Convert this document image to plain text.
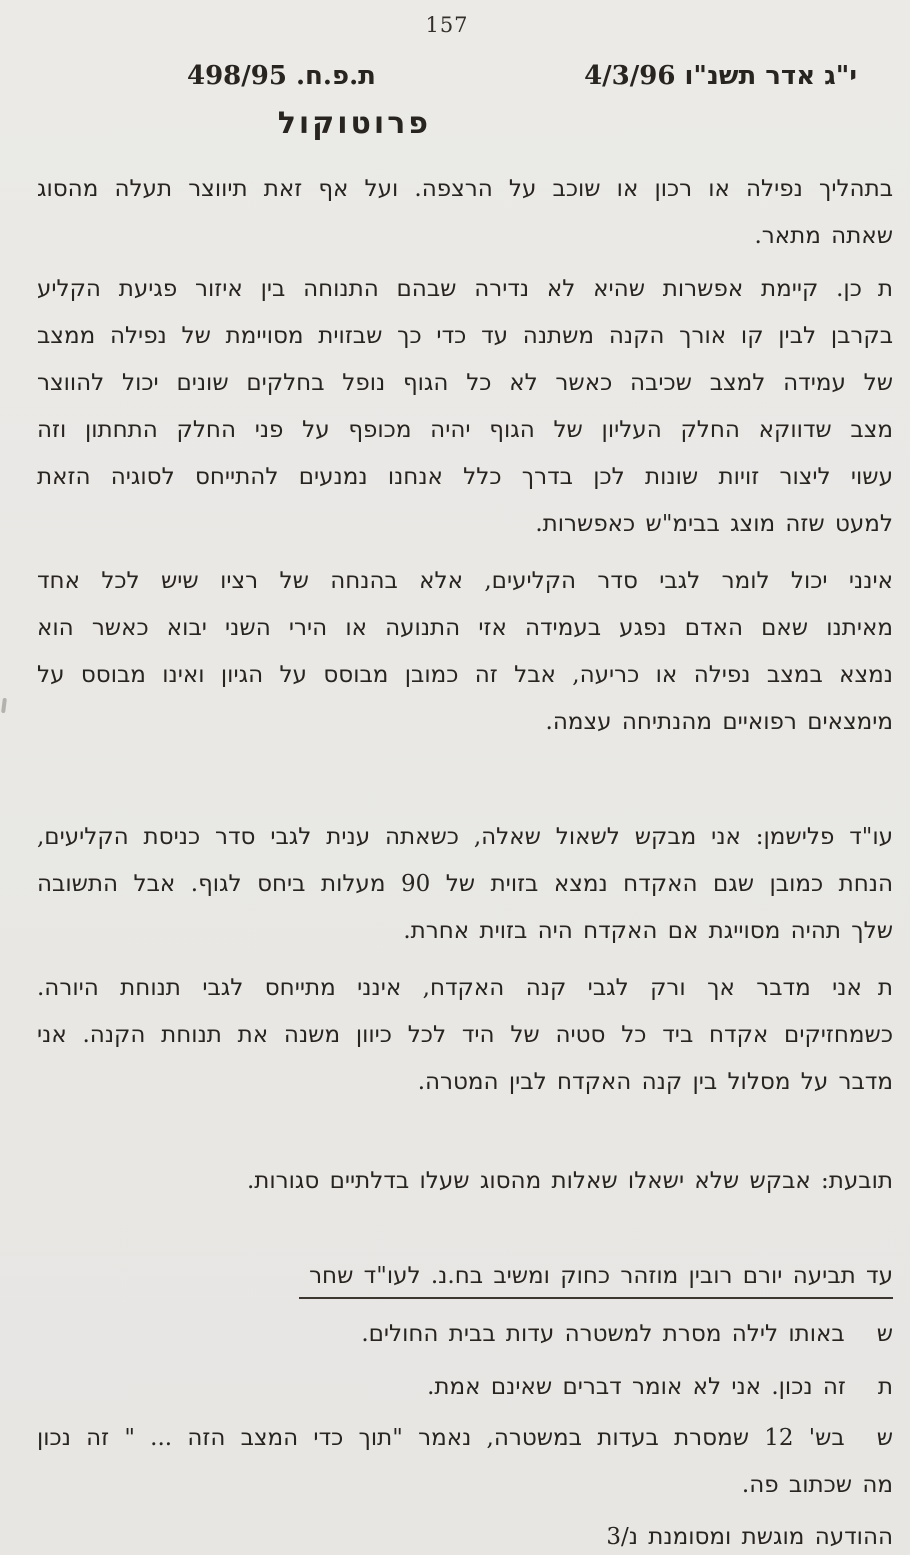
157
י"ג אדר תשנ"ו 4/3/96
ת.פ.ח. 498/95
פרוטוקול
בתהליך נפילה או רכון או שוכב על הרצפה. ועל אף זאת תיווצר תעלה מהסוג
שאתה מתאר.
תכן. קיימת אפשרות שהיא לא נדירה שבהם התנוחה בין איזור פגיעת הקליע
בקרבן לבין קו אורך הקנה משתנה עד כדי כך שבזוית מסויימת של נפילה ממצב
של עמידה למצב שכיבה כאשר לא כל הגוף נופל בחלקים שונים יכול להווצר
מצב שדווקא החלק העליון של הגוף יהיה מכופף על פני החלק התחתון וזה
עשוי ליצור זויות שונות לכן בדרך כלל אנחנו נמנעים להתייחס לסוגיה הזאת
למעט שזה מוצג בבימ"ש כאפשרות.
אינני יכול לומר לגבי סדר הקליעים, אלא בהנחה של רציו שיש לכל אחד
מאיתנו שאם האדם נפגע בעמידה אזי התנועה או הירי השני יבוא כאשר הוא
נמצא במצב נפילה או כריעה, אבל זה כמובן מבוסס על הגיון ואינו מבוסס על
מימצאים רפואיים מהנתיחה עצמה.
עו"ד פלישמן: אני מבקש לשאול שאלה, כשאתה ענית לגבי סדר כניסת הקליעים,
הנחת כמובן שגם האקדח נמצא בזוית של 90 מעלות ביחס לגוף. אבל התשובה
שלך תהיה מסוייגת אם האקדח היה בזוית אחרת.
תאני מדבר אך ורק לגבי קנה האקדח, אינני מתייחס לגבי תנוחת היורה.
כשמחזיקים אקדח ביד כל סטיה של היד לכל כיוון משנה את תנוחת הקנה. אני
מדבר על מסלול בין קנה האקדח לבין המטרה.
תובעת: אבקש שלא ישאלו שאלות מהסוג שעלו בדלתיים סגורות.
עד תביעה יורם רובין מוזהר כחוק ומשיב בח.נ. לעו"ד שחר
שבאותו לילה מסרת למשטרה עדות בבית החולים.
תזה נכון. אני לא אומר דברים שאינם אמת.
שבש' 12 שמסרת בעדות במשטרה, נאמר "תוך כדי המצב הזה ... " זה נכון
מה שכתוב פה.
ההודעה מוגשת ומסומנת נ/3
